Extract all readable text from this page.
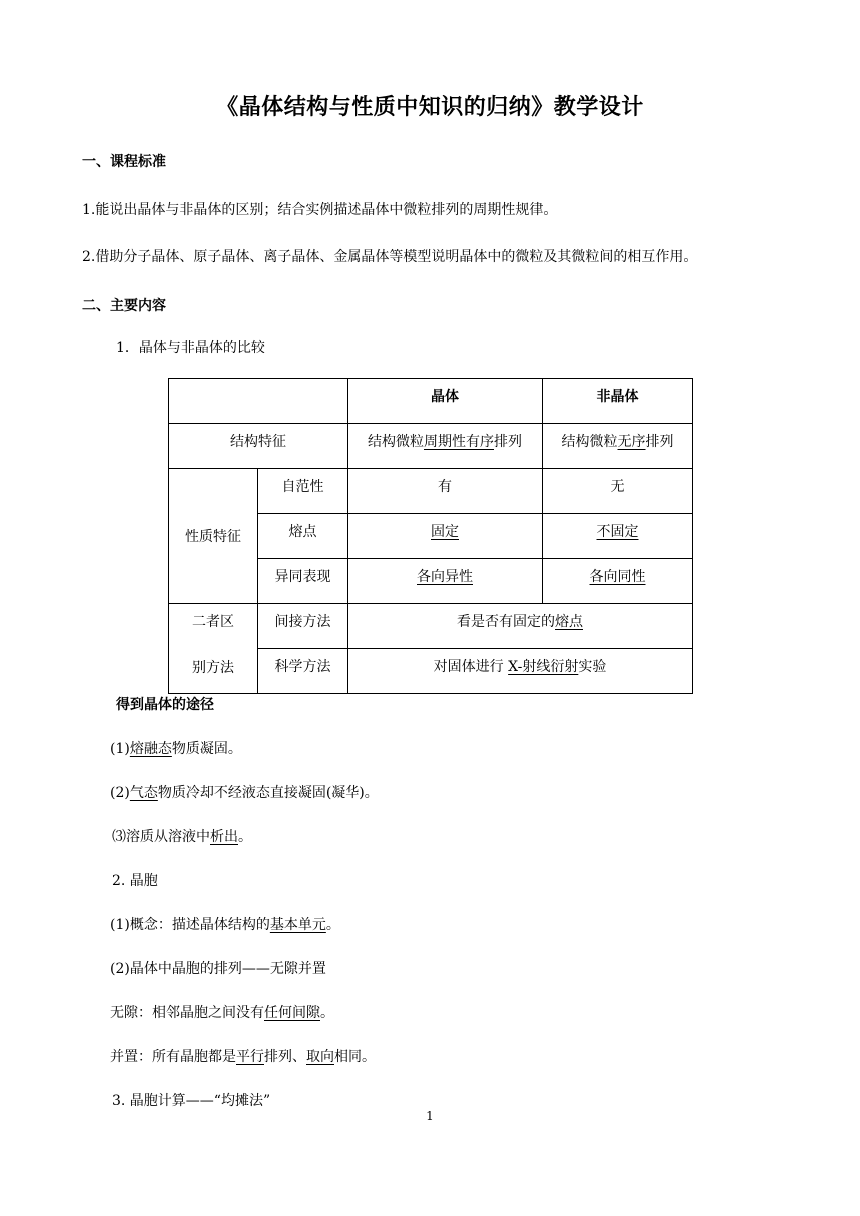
《晶体结构与性质中知识的归纳》教学设计
一、课程标准
1.能说出晶体与非晶体的区别；结合实例描述晶体中微粒排列的周期性规律。
2.借助分子晶体、原子晶体、离子晶体、金属晶体等模型说明晶体中的微粒及其微粒间的相互作用。
二、主要内容
1．晶体与非晶体的比较

		晶体	非晶体

结构特征		结构微粒周期性有序排列	结构微粒无序排列

性质特征	自范性	有	无

	熔点	固定	不固定

	异同表现	各向异性	各向同性

二者区
别方法	间接方法	看是否有固定的熔点	

	科学方法	对固体进行 X-射线衍射实验	
得到晶体的途径
(1)熔融态物质凝固。
(2)气态物质冷却不经液态直接凝固(凝华)。
⑶溶质从溶液中析出。
2. 晶胞
(1)概念：描述晶体结构的基本单元。
(2)晶体中晶胞的排列——无隙并置
无隙：相邻晶胞之间没有任何间隙。
并置：所有晶胞都是平行排列、取向相同。
3. 晶胞计算——“均摊法”
1
